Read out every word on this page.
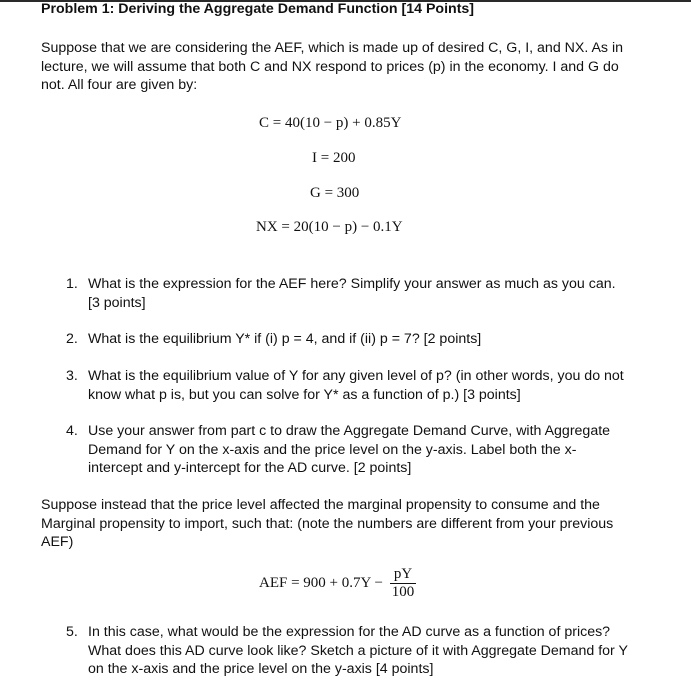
Problem 1: Deriving the Aggregate Demand Function [14 Points]
Suppose that we are considering the AEF, which is made up of desired C, G, I, and NX. As in lecture, we will assume that both C and NX respond to prices (p) in the economy. I and G do not. All four are given by:
C = 40(10 − p) + 0.85Y
I = 200
G = 300
NX = 20(10 − p) − 0.1Y
1. What is the expression for the AEF here? Simplify your answer as much as you can. [3 points]
2. What is the equilibrium Y* if (i) p = 4, and if (ii) p = 7? [2 points]
3. What is the equilibrium value of Y for any given level of p? (in other words, you do not know what p is, but you can solve for Y* as a function of p.) [3 points]
4. Use your answer from part c to draw the Aggregate Demand Curve, with Aggregate Demand for Y on the x-axis and the price level on the y-axis. Label both the x-intercept and y-intercept for the AD curve. [2 points]
Suppose instead that the price level affected the marginal propensity to consume and the Marginal propensity to import, such that: (note the numbers are different from your previous AEF)
AEF = $900 + 0.7Y - \frac{pY}{100}$
5. In this case, what would be the expression for the AD curve as a function of prices? What does this AD curve look like? Sketch a picture of it with Aggregate Demand for Y on the x-axis and the price level on the y-axis [4 points]
